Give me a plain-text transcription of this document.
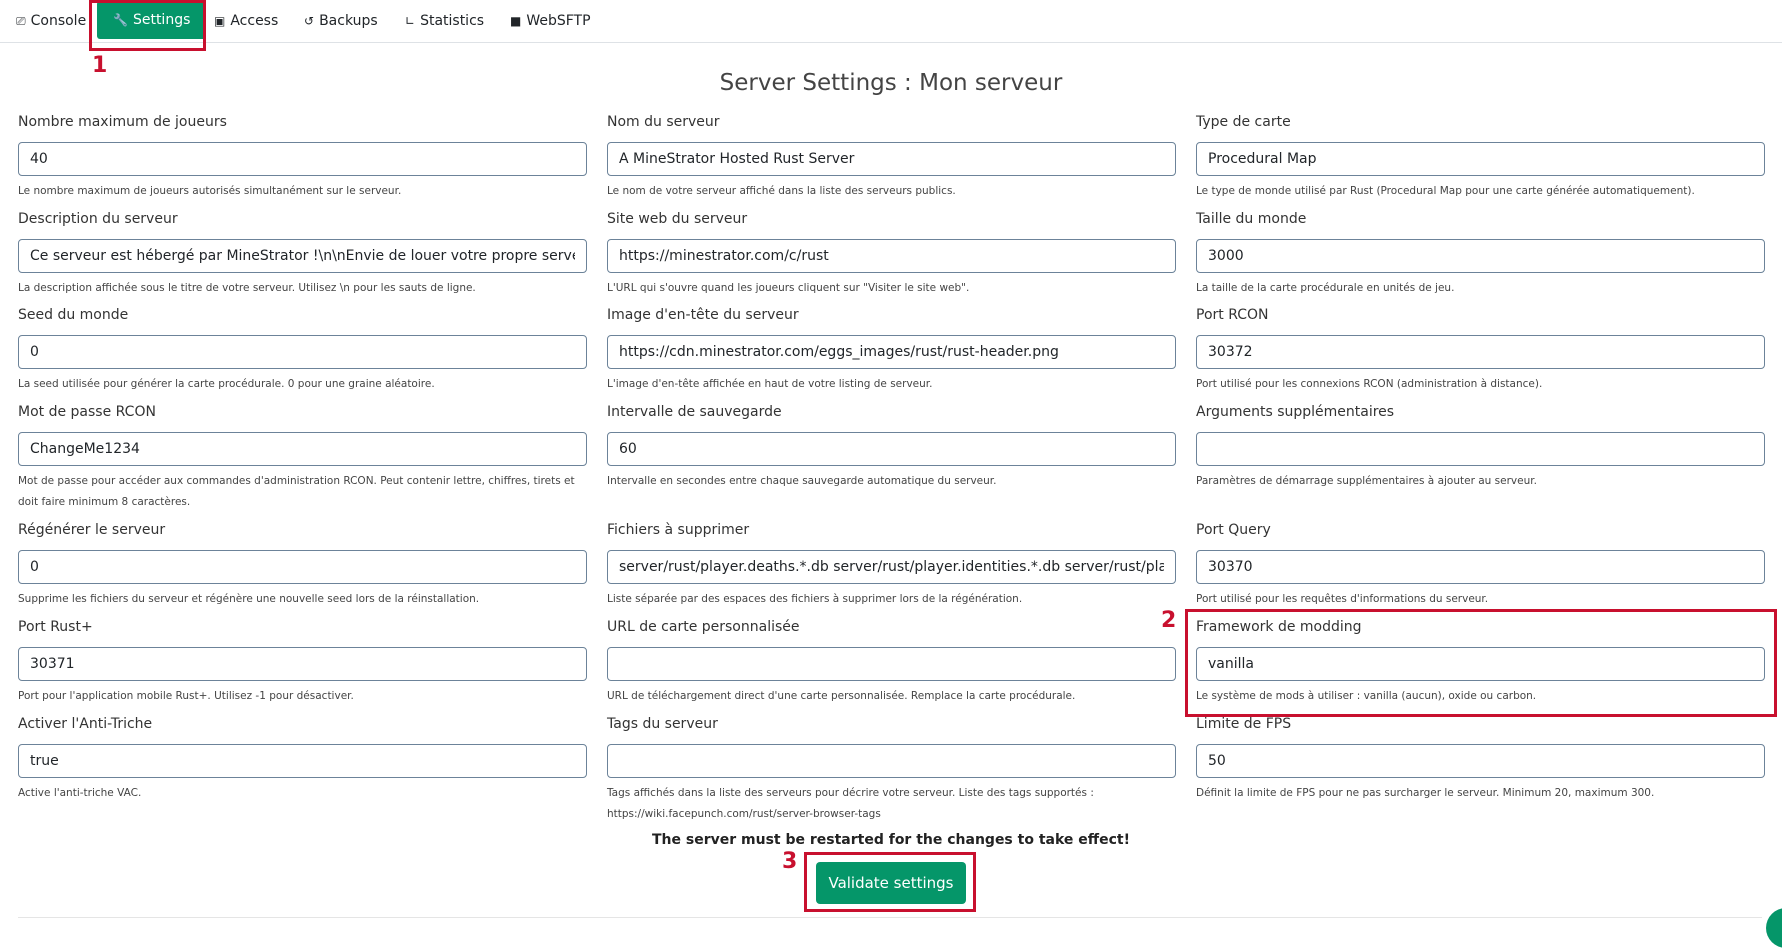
⎚ Console 🔧 Settings ▣ Access ↺ Backups ∟ Statistics ■ WebSFTP
1
2
3
Server Settings : Mon serveur
Nombre maximum de joueurs
40
Le nombre maximum de joueurs autorisés simultanément sur le serveur.
Nom du serveur
A MineStrator Hosted Rust Server
Le nom de votre serveur affiché dans la liste des serveurs publics.
Type de carte
Procedural Map
Le type de monde utilisé par Rust (Procedural Map pour une carte générée automatiquement).
Description du serveur
Ce serveur est hébergé par MineStrator !\n\nEnvie de louer votre propre serveur ?\nCliq
La description affichée sous le titre de votre serveur. Utilisez \n pour les sauts de ligne.
Site web du serveur
https://minestrator.com/c/rust
L'URL qui s'ouvre quand les joueurs cliquent sur "Visiter le site web".
Taille du monde
3000
La taille de la carte procédurale en unités de jeu.
Seed du monde
0
La seed utilisée pour générer la carte procédurale. 0 pour une graine aléatoire.
Image d'en-tête du serveur
https://cdn.minestrator.com/eggs_images/rust/rust-header.png
L'image d'en-tête affichée en haut de votre listing de serveur.
Port RCON
30372
Port utilisé pour les connexions RCON (administration à distance).
Mot de passe RCON
ChangeMe1234
Mot de passe pour accéder aux commandes d'administration RCON. Peut contenir lettre, chiffres, tirets et doit faire minimum 8 caractères.
Intervalle de sauvegarde
60
Intervalle en secondes entre chaque sauvegarde automatique du serveur.
Arguments supplémentaires
Paramètres de démarrage supplémentaires à ajouter au serveur.
Régénérer le serveur
0
Supprime les fichiers du serveur et régénère une nouvelle seed lors de la réinstallation.
Fichiers à supprimer
server/rust/player.deaths.*.db server/rust/player.identities.*.db server/rust/player.states.*
Liste séparée par des espaces des fichiers à supprimer lors de la régénération.
Port Query
30370
Port utilisé pour les requêtes d'informations du serveur.
Port Rust+
30371
Port pour l'application mobile Rust+. Utilisez -1 pour désactiver.
URL de carte personnalisée
URL de téléchargement direct d'une carte personnalisée. Remplace la carte procédurale.
Framework de modding
vanilla
Le système de mods à utiliser : vanilla (aucun), oxide ou carbon.
Activer l'Anti-Triche
true
Active l'anti-triche VAC.
Tags du serveur
Tags affichés dans la liste des serveurs pour décrire votre serveur. Liste des tags supportés : https://wiki.facepunch.com/rust/server-browser-tags
Limite de FPS
50
Définit la limite de FPS pour ne pas surcharger le serveur. Minimum 20, maximum 300.
The server must be restarted for the changes to take effect!
Validate settings
